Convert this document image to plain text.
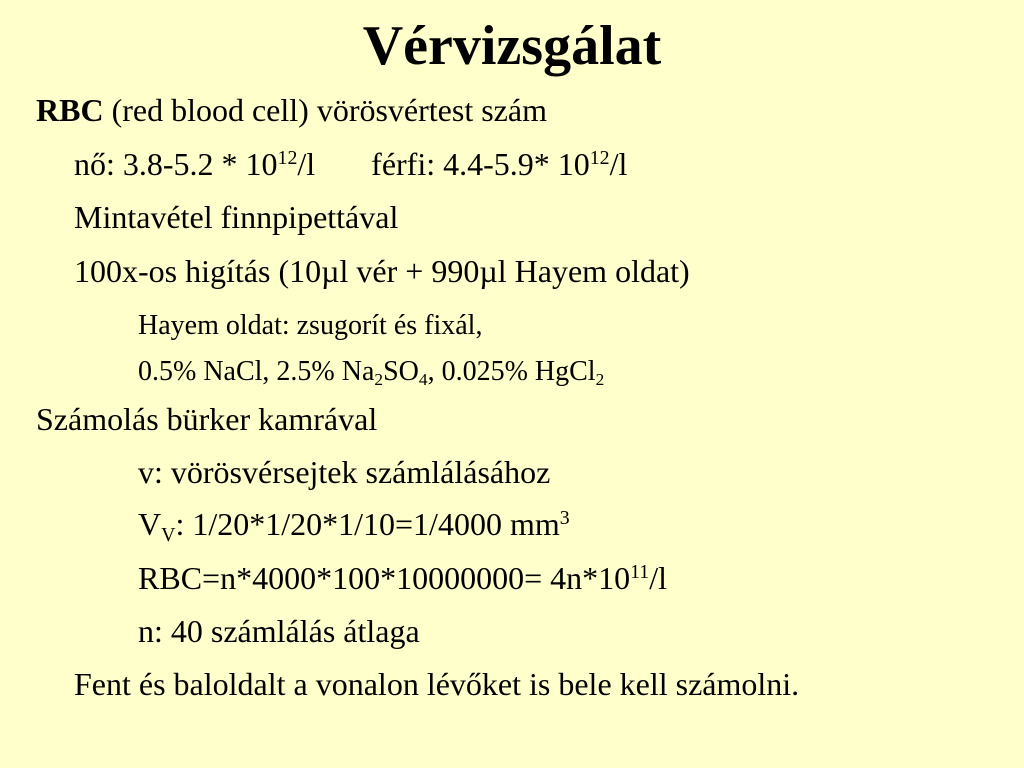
Vérvizsgálat
RBC (red blood cell) vörösvértest szám
nő: $3.8-5.2 * 10^{12}/l$ férfi: 4.4-5.9* $10^{12}/l$
Mintavétel finnpipettával
100x-os higítás (10µl vér + 990µl Hayem oldat)
Hayem oldat: zsugorít és fixál,
0.5% NaCl, 2.5% $Na_2SO_4$, 0.025% HgCl$_2$
Számolás bürker kamrával
v: vörösvérsejtek számlálásához
$V_V$: 1/20*1/20*1/10=1/4000 $mm^3$
$RBC=n*4000*100*10000000= 4n*10^{11}/l$
n: 40 számlálás átlaga
Fent és baloldalt a vonalon lévőket is bele kell számolni.
